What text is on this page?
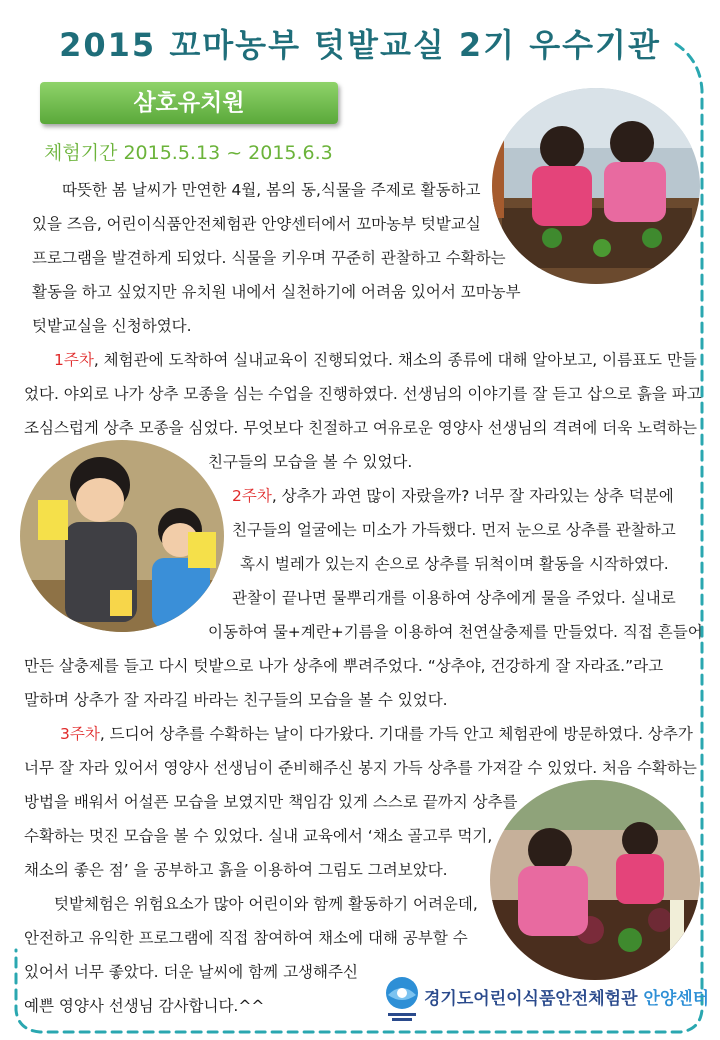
2015 꼬마농부 텃밭교실 2기 우수기관
삼호유치원
체험기간 2015.5.13 ~ 2015.6.3
따뜻한 봄 날씨가 만연한 4월, 봄의 동,식물을 주제로 활동하고
있을 즈음, 어린이식품안전체험관 안양센터에서 꼬마농부 텃밭교실
프로그램을 발견하게 되었다. 식물을 키우며 꾸준히 관찰하고 수확하는
활동을 하고 싶었지만 유치원 내에서 실천하기에 어려움 있어서 꼬마농부
텃밭교실을 신청하였다.
1주차, 체험관에 도착하여 실내교육이 진행되었다. 채소의 종류에 대해 알아보고, 이름표도 만들
었다. 야외로 나가 상추 모종을 심는 수업을 진행하였다. 선생님의 이야기를 잘 듣고 삽으로 흙을 파고
조심스럽게 상추 모종을 심었다. 무엇보다 친절하고 여유로운 영양사 선생님의 격려에 더욱 노력하는
친구들의 모습을 볼 수 있었다.
2주차, 상추가 과연 많이 자랐을까? 너무 잘 자라있는 상추 덕분에
친구들의 얼굴에는 미소가 가득했다. 먼저 눈으로 상추를 관찰하고
혹시 벌레가 있는지 손으로 상추를 뒤척이며 활동을 시작하였다.
관찰이 끝나면 물뿌리개를 이용하여 상추에게 물을 주었다. 실내로
이동하여 물+계란+기름을 이용하여 천연살충제를 만들었다. 직접 흔들어
만든 살충제를 들고 다시 텃밭으로 나가 상추에 뿌려주었다. “상추야, 건강하게 잘 자라죠.”라고
말하며 상추가 잘 자라길 바라는 친구들의 모습을 볼 수 있었다.
3주차, 드디어 상추를 수확하는 날이 다가왔다. 기대를 가득 안고 체험관에 방문하였다. 상추가
너무 잘 자라 있어서 영양사 선생님이 준비해주신 봉지 가득 상추를 가져갈 수 있었다. 처음 수확하는
방법을 배워서 어설픈 모습을 보였지만 책임감 있게 스스로 끝까지 상추를
수확하는 멋진 모습을 볼 수 있었다. 실내 교육에서 ‘채소 골고루 먹기,
채소의 좋은 점’ 을 공부하고 흙을 이용하여 그림도 그려보았다.
텃밭체험은 위험요소가 많아 어린이와 함께 활동하기 어려운데,
안전하고 유익한 프로그램에 직접 참여하여 채소에 대해 공부할 수
있어서 너무 좋았다. 더운 날씨에 함께 고생해주신
예쁜 영양사 선생님 감사합니다.^^	경기도어린이식품안전체험관 안양센터
